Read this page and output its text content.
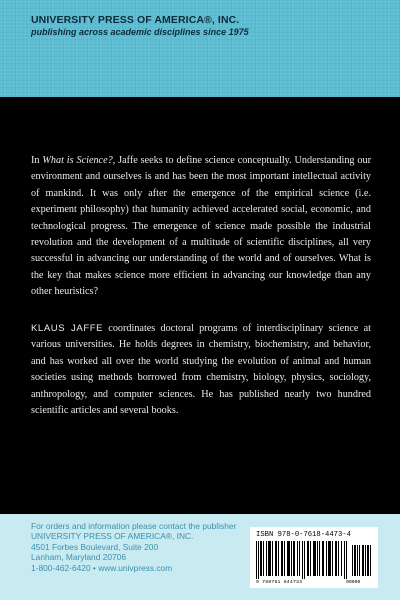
UNIVERSITY PRESS OF AMERICA®, INC.
publishing across academic disciplines since 1975

In What is Science?, Jaffe seeks to define science conceptually. Understanding our environment and ourselves is and has been the most important intellectual activity of mankind. It was only after the emergence of the empirical science (i.e. experiment philosophy) that humanity achieved accelerated social, economic, and technological progress. The emergence of science made possible the industrial revolution and the development of a multitude of scientific disciplines, all very successful in advancing our understanding of the world and of ourselves. What is the key that makes science more efficient in advancing our knowledge than any other heuristics?

KLAUS JAFFE coordinates doctoral programs of interdisciplinary science at various universities. He holds degrees in chemistry, biochemistry, and behavior, and has worked all over the world studying the evolution of animal and human societies using methods borrowed from chemistry, biology, physics, sociology, anthropology, and computer sciences. He has published nearly two hundred scientific articles and several books.

For orders and information please contact the publisher
UNIVERSITY PRESS OF AMERICA®, INC.
4501 Forbes Boulevard, Suite 200
Lanham, Maryland 20706
1-800-462-6420 • www.univpress.com
ISBN 978-0-7618-4473-4
9 780761 844734	90000
